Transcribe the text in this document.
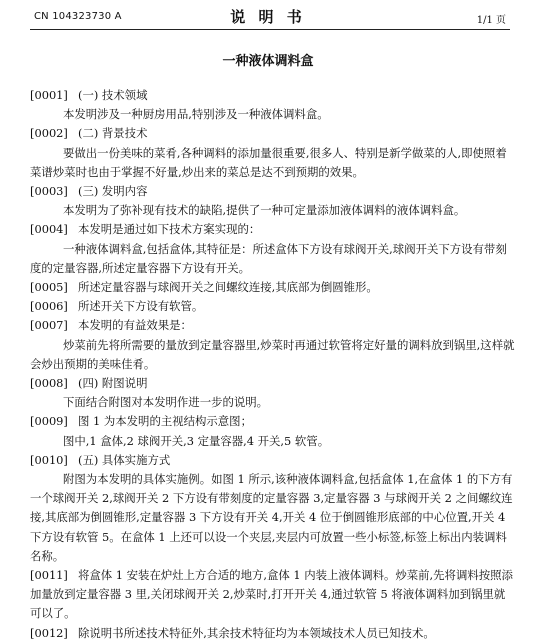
CN 104323730 A	说 明 书	1/1 页
一种液体调料盒

[0001] (一) 技术领域

本发明涉及一种厨房用品,特别涉及一种液体调料盒。

[0002] (二) 背景技术

要做出一份美味的菜肴,各种调料的添加量很重要,很多人、特别是新学做菜的人,即使照着菜谱炒菜时也由于掌握不好量,炒出来的菜总是达不到预期的效果。

[0003] (三) 发明内容

本发明为了弥补现有技术的缺陷,提供了一种可定量添加液体调料的液体调料盒。

[0004] 本发明是通过如下技术方案实现的：

一种液体调料盒,包括盒体,其特征是：所述盒体下方设有球阀开关,球阀开关下方设有带刻度的定量容器,所述定量容器下方设有开关。

[0005] 所述定量容器与球阀开关之间螺纹连接,其底部为倒圆锥形。

[0006] 所述开关下方设有软管。

[0007] 本发明的有益效果是：

炒菜前先将所需要的量放到定量容器里,炒菜时再通过软管将定好量的调料放到锅里,这样就会炒出预期的美味佳肴。

[0008] (四) 附图说明

下面结合附图对本发明作进一步的说明。

[0009] 图 1 为本发明的主视结构示意图；

图中,1 盒体,2 球阀开关,3 定量容器,4 开关,5 软管。

[0010] (五) 具体实施方式

附图为本发明的具体实施例。如图 1 所示,该种液体调料盒,包括盒体 1,在盒体 1 的下方有一个球阀开关 2,球阀开关 2 下方设有带刻度的定量容器 3,定量容器 3 与球阀开关 2 之间螺纹连接,其底部为倒圆锥形,定量容器 3 下方设有开关 4,开关 4 位于倒圆锥形底部的中心位置,开关 4 下方设有软管 5。在盒体 1 上还可以设一个夹层,夹层内可放置一些小标签,标签上标出内装调料名称。

[0011] 将盒体 1 安装在炉灶上方合适的地方,盒体 1 内装上液体调料。炒菜前,先将调料按照添加量放到定量容器 3 里,关闭球阀开关 2,炒菜时,打开开关 4,通过软管 5 将液体调料加到锅里就可以了。

[0012] 除说明书所述技术特征外,其余技术特征均为本领域技术人员已知技术。
